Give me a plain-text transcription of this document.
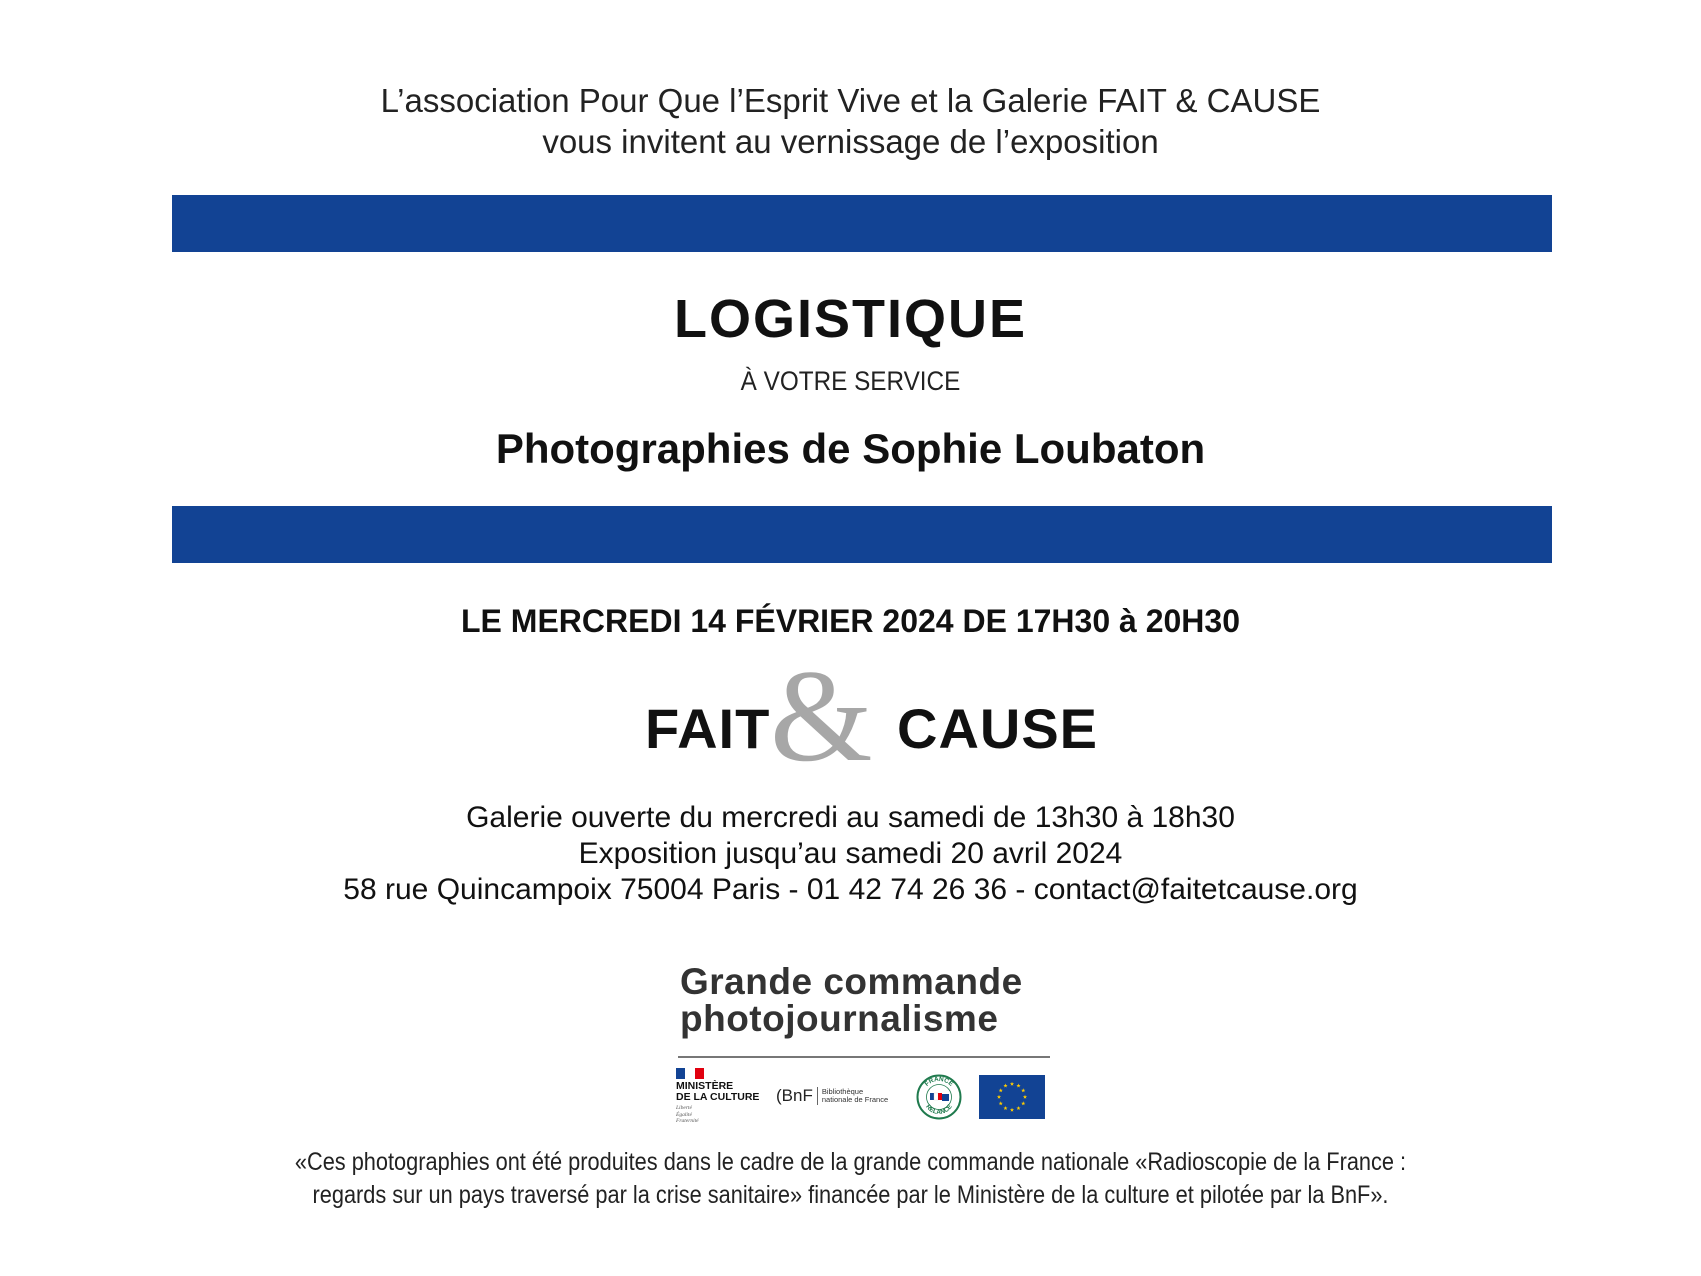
L’association Pour Que l’Esprit Vive et la Galerie FAIT & CAUSE
vous invitent au vernissage de l’exposition
LOGISTIQUE
À VOTRE SERVICE
Photographies de Sophie Loubaton
LE MERCREDI 14 FÉVRIER 2024 DE 17H30 à 20H30
FAIT & CAUSE
Galerie ouverte du mercredi au samedi de 13h30 à 18h30
Exposition jusqu’au samedi 20 avril 2024
58 rue Quincampoix 75004 Paris - 01 42 74 26 36 - contact@faitetcause.org
Grande commande
photojournalisme
MINISTÈRE
DE LA CULTURE
Liberté
Égalité
Fraternité
(BnF Bibliothèque
nationale de France
FRANCE
RELANCE
«Ces photographies ont été produites dans le cadre de la grande commande nationale «Radioscopie de la France :
regards sur un pays traversé par la crise sanitaire» financée par le Ministère de la culture et pilotée par la BnF».
